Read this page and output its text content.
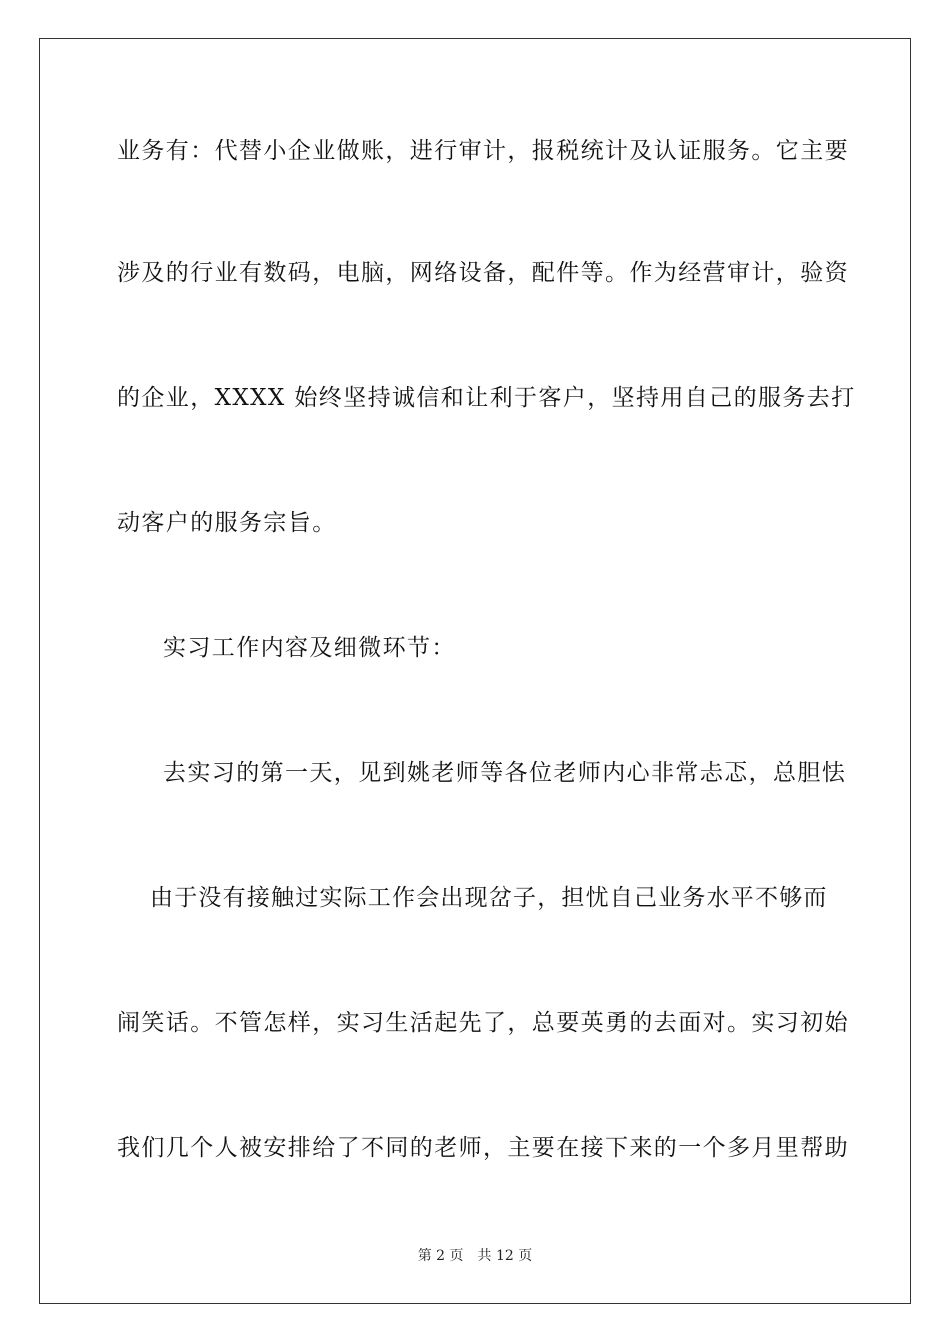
业务有：代替小企业做账，进行审计，报税统计及认证服务。它主要
涉及的行业有数码，电脑，网络设备，配件等。作为经营审计，验资
的企业，XXXX 始终坚持诚信和让利于客户，坚持用自己的服务去打
动客户的服务宗旨。
实习工作内容及细微环节：
去实习的第一天，见到姚老师等各位老师内心非常忐忑，总胆怯
由于没有接触过实际工作会出现岔子，担忧自己业务水平不够而
闹笑话。不管怎样，实习生活起先了，总要英勇的去面对。实习初始
我们几个人被安排给了不同的老师，主要在接下来的一个多月里帮助
第 2 页 共 12 页
